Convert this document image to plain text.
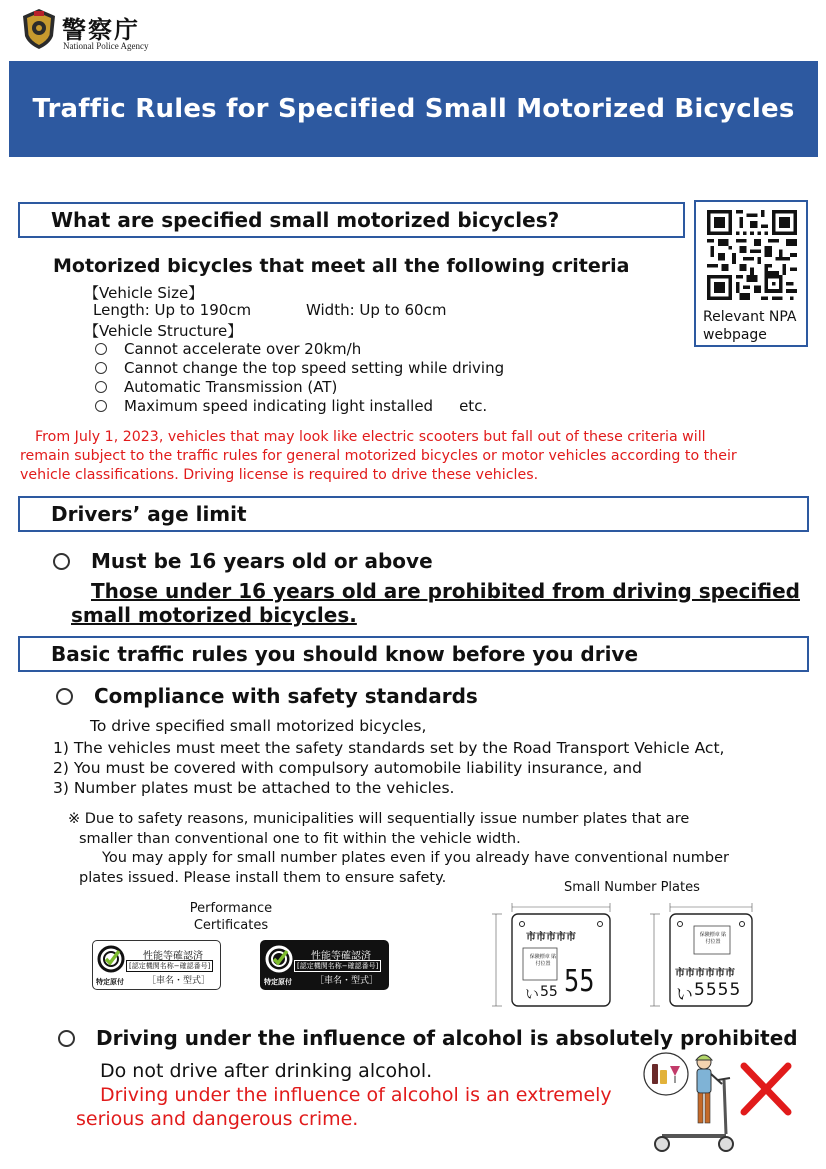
警察庁
National Police Agency
Traffic Rules for Specified Small Motorized Bicycles
What are specified small motorized bicycles?
Relevant NPA
webpage
Motorized bicycles that meet all the following criteria
【Vehicle Size】
Length: Up to 190cm	Width: Up to 60cm
【Vehicle Structure】
Cannot accelerate over 20km/h
Cannot change the top speed setting while driving
Automatic Transmission (AT)
Maximum speed indicating light installed etc.
From July 1, 2023, vehicles that may look like electric scooters but fall out of these criteria will
remain subject to the traffic rules for general motorized bicycles or motor vehicles according to their
vehicle classifications. Driving license is required to drive these vehicles.
Drivers’ age limit
Must be 16 years old or above
Those under 16 years old are prohibited from driving specified
small motorized bicycles.
Basic traffic rules you should know before you drive
Compliance with safety standards
To drive specified small motorized bicycles,
1) The vehicles must meet the safety standards set by the Road Transport Vehicle Act,
2) You must be covered with compulsory automobile liability insurance, and
3) Number plates must be attached to the vehicles.
※ Due to safety reasons, municipalities will sequentially issue number plates that are
smaller than conventional one to fit within the vehicle width.
You may apply for small number plates even if you already have conventional number
plates issued. Please install them to ensure safety.
Performance
Certificates
性能等確認済
[認定機関名称−確認番号]
［車名・型式］
特定原付
性能等確認済
[認定機関名称−確認番号]
［車名・型式］
特定原付
Small Number Plates
市市市市市
保険標章 貼付位置
い 55 55
保険標章 貼付位置
市市市市市市
い 5555
Driving under the influence of alcohol is absolutely prohibited
Do not drive after drinking alcohol.
Driving under the influence of alcohol is an extremely
serious and dangerous crime.
